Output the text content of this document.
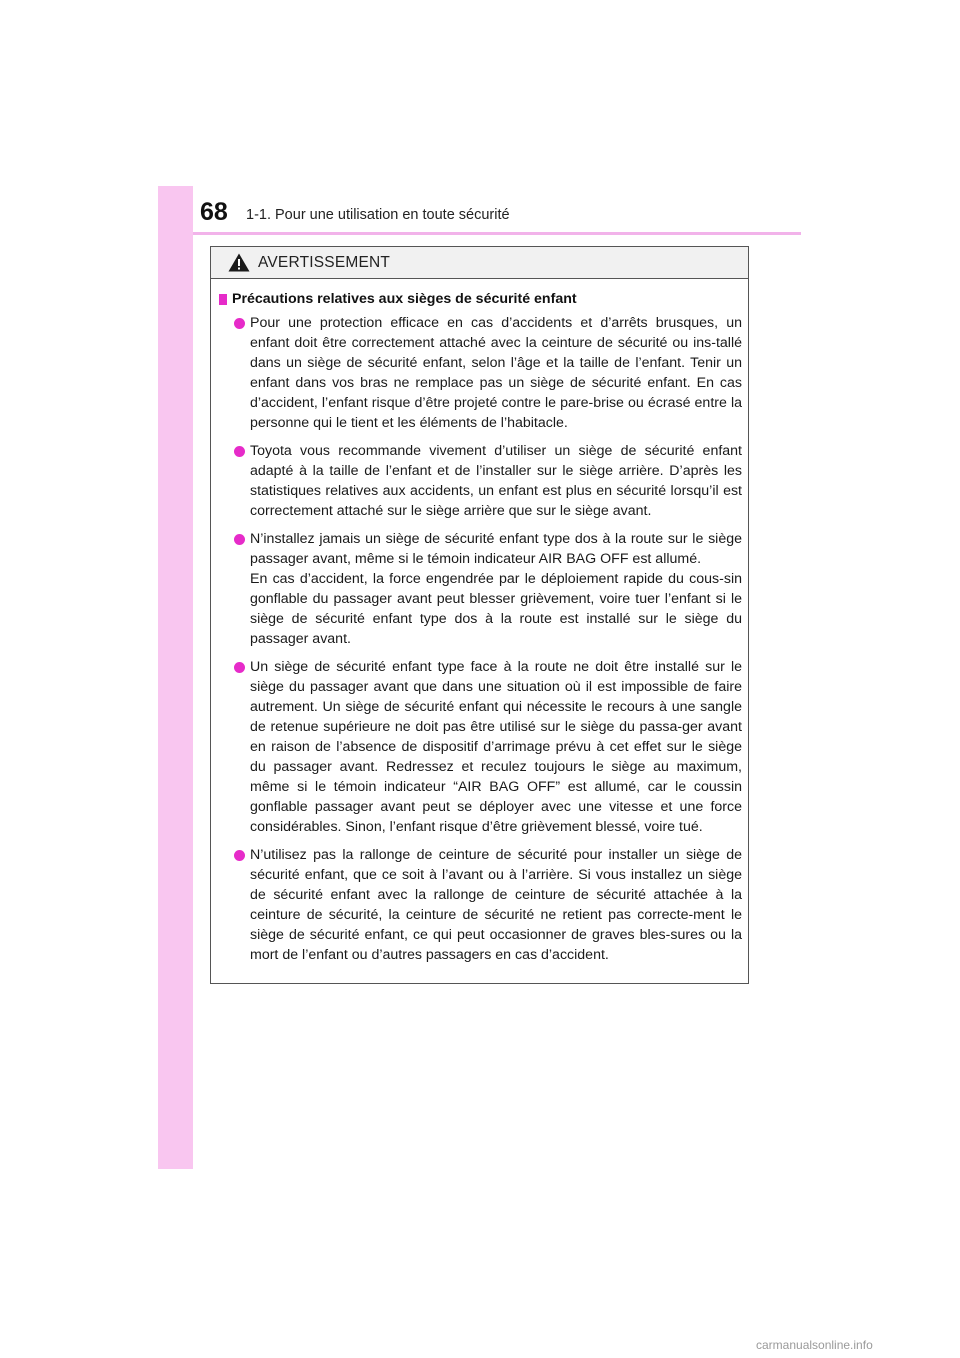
68 1-1. Pour une utilisation en toute sécurité
AVERTISSEMENT
Précautions relatives aux sièges de sécurité enfant

Pour une protection efficace en cas d’accidents et d’arrêts brusques, un enfant doit être correctement attaché avec la ceinture de sécurité ou ins-tallé dans un siège de sécurité enfant, selon l’âge et la taille de l’enfant. Tenir un enfant dans vos bras ne remplace pas un siège de sécurité enfant. En cas d’accident, l’enfant risque d’être projeté contre le pare-brise ou écrasé entre la personne qui le tient et les éléments de l’habitacle.

Toyota vous recommande vivement d’utiliser un siège de sécurité enfant adapté à la taille de l’enfant et de l’installer sur le siège arrière. D’après les statistiques relatives aux accidents, un enfant est plus en sécurité lorsqu’il est correctement attaché sur le siège arrière que sur le siège avant.

N’installez jamais un siège de sécurité enfant type dos à la route sur le siège passager avant, même si le témoin indicateur AIR BAG OFF est allumé.
En cas d’accident, la force engendrée par le déploiement rapide du cous-sin gonflable du passager avant peut blesser grièvement, voire tuer l’enfant si le siège de sécurité enfant type dos à la route est installé sur le siège du passager avant.

Un siège de sécurité enfant type face à la route ne doit être installé sur le siège du passager avant que dans une situation où il est impossible de faire autrement. Un siège de sécurité enfant qui nécessite le recours à une sangle de retenue supérieure ne doit pas être utilisé sur le siège du passa-ger avant en raison de l’absence de dispositif d’arrimage prévu à cet effet sur le siège du passager avant. Redressez et reculez toujours le siège au maximum, même si le témoin indicateur “AIR BAG OFF” est allumé, car le coussin gonflable passager avant peut se déployer avec une vitesse et une force considérables. Sinon, l’enfant risque d’être grièvement blessé, voire tué.

N’utilisez pas la rallonge de ceinture de sécurité pour installer un siège de sécurité enfant, que ce soit à l’avant ou à l’arrière. Si vous installez un siège de sécurité enfant avec la rallonge de ceinture de sécurité attachée à la ceinture de sécurité, la ceinture de sécurité ne retient pas correcte-ment le siège de sécurité enfant, ce qui peut occasionner de graves bles-sures ou la mort de l’enfant ou d’autres passagers en cas d’accident.

carmanualsonline.info
